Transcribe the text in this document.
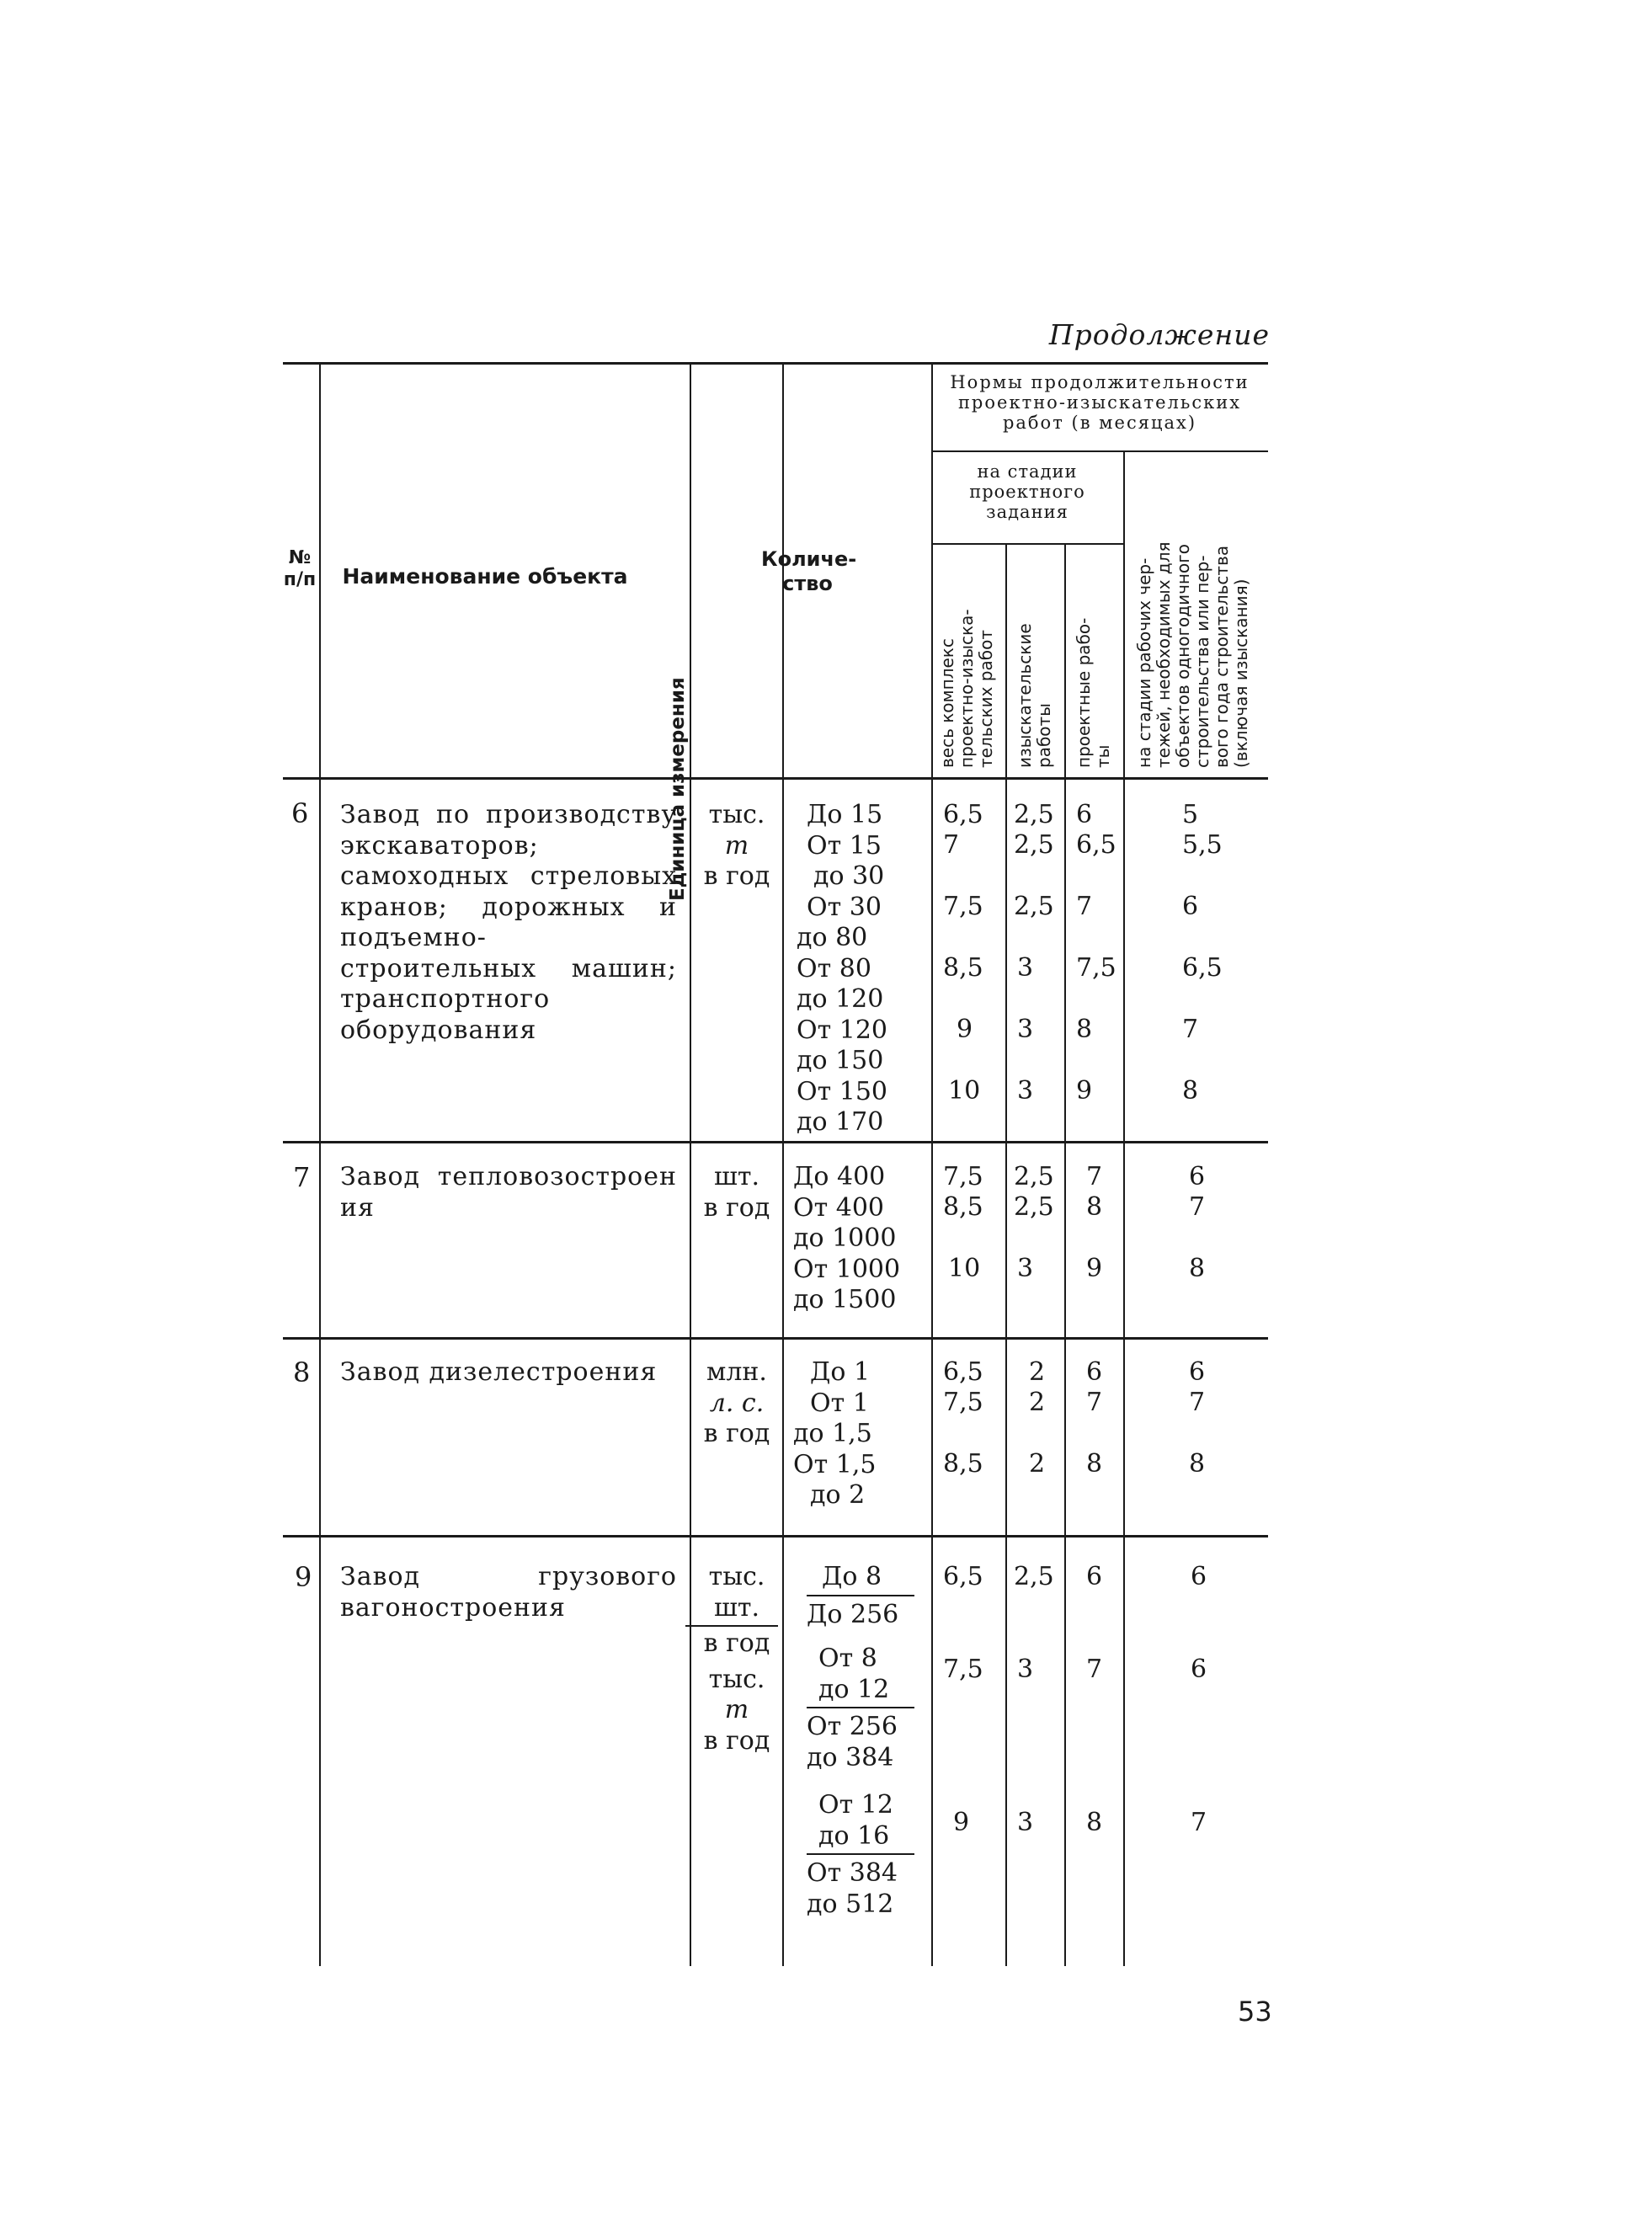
Продолжение
№
п/п	Наименование объекта
Единица измерения
Количе-
ство
Нормы продолжительности
проектно-изыскательских
работ (в месяцах)
на стадии
проектного
задания
весь комплекс
проектно-изыска-
тельских работ изыскательские
работы проектные рабо-
ты на стадии рабочих чер-
тежей, необходимых для
объектов одногодичного
строительства или пер-
вого года строительства
(включая изыскания)
6 Завод по производству экскаваторов; самоходных стреловых кранов; дорожных и подъемно-строительных машин; транспортного оборудования
тыс.
т
в год
До 15
От 15
до 30
От 30
до 80
От 80
до 120
От 120
до 150
От 150
до 170
6,5
7
7,5
8,5
9
10
2,5
2,5
2,5
3
3
3
6
6,5
7
7,5
8
9
5
5,5
6
6,5
7
8
7 Завод тепловозостроения
шт.
в год
До 400
От 400
до 1000
От 1000
до 1500
7,5
8,5
10
2,5
2,5
3
7
8
9
6
7
8
8 Завод дизелестроения	млн.
л. с.
в год
До 1
От 1
до 1,5
От 1,5
до 2
6,5
7,5
8,5
2
2
2
6
7
8
6
7
8
9 Завод грузового вагоностроения
тыс.
шт.
в год
тыс.
т
в год
До 8
До 256
От 8
до 12
От 256
до 384
От 12
до 16
От 384
до 512
6,5
7,5
9
2,5
3
3
6
7
8
6
6
7
53
